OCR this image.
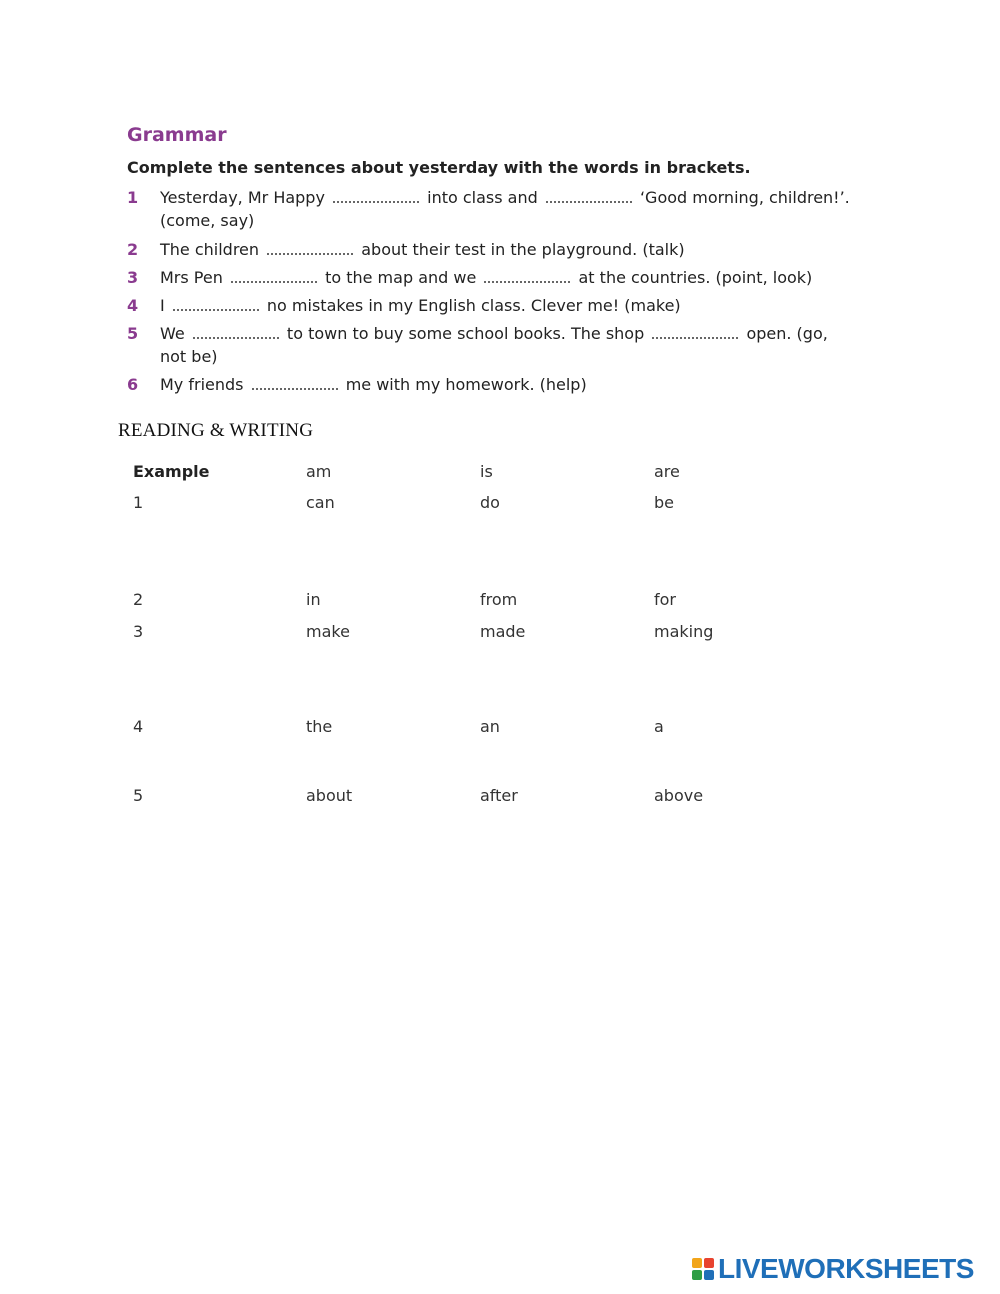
Grammar
Complete the sentences about yesterday with the words in brackets.
1	Yesterday, Mr Happy	into class and	‘Good morning, children!’.
(come, say)
2	The children	about their test in the playground. (talk)
3	Mrs Pen	to the map and we	at the countries. (point, look)
4	I	no mistakes in my English class. Clever me! (make)
5	We	to town to buy some school books. The shop	open. (go,
not be)
6	My friends	me with my homework. (help)
READING & WRITING
Example	am	is	are
1	can	do	be
2	in	from	for
3	make	made	making
4	the	an	a
5	about	after	above
LIVEWORKSHEETS
